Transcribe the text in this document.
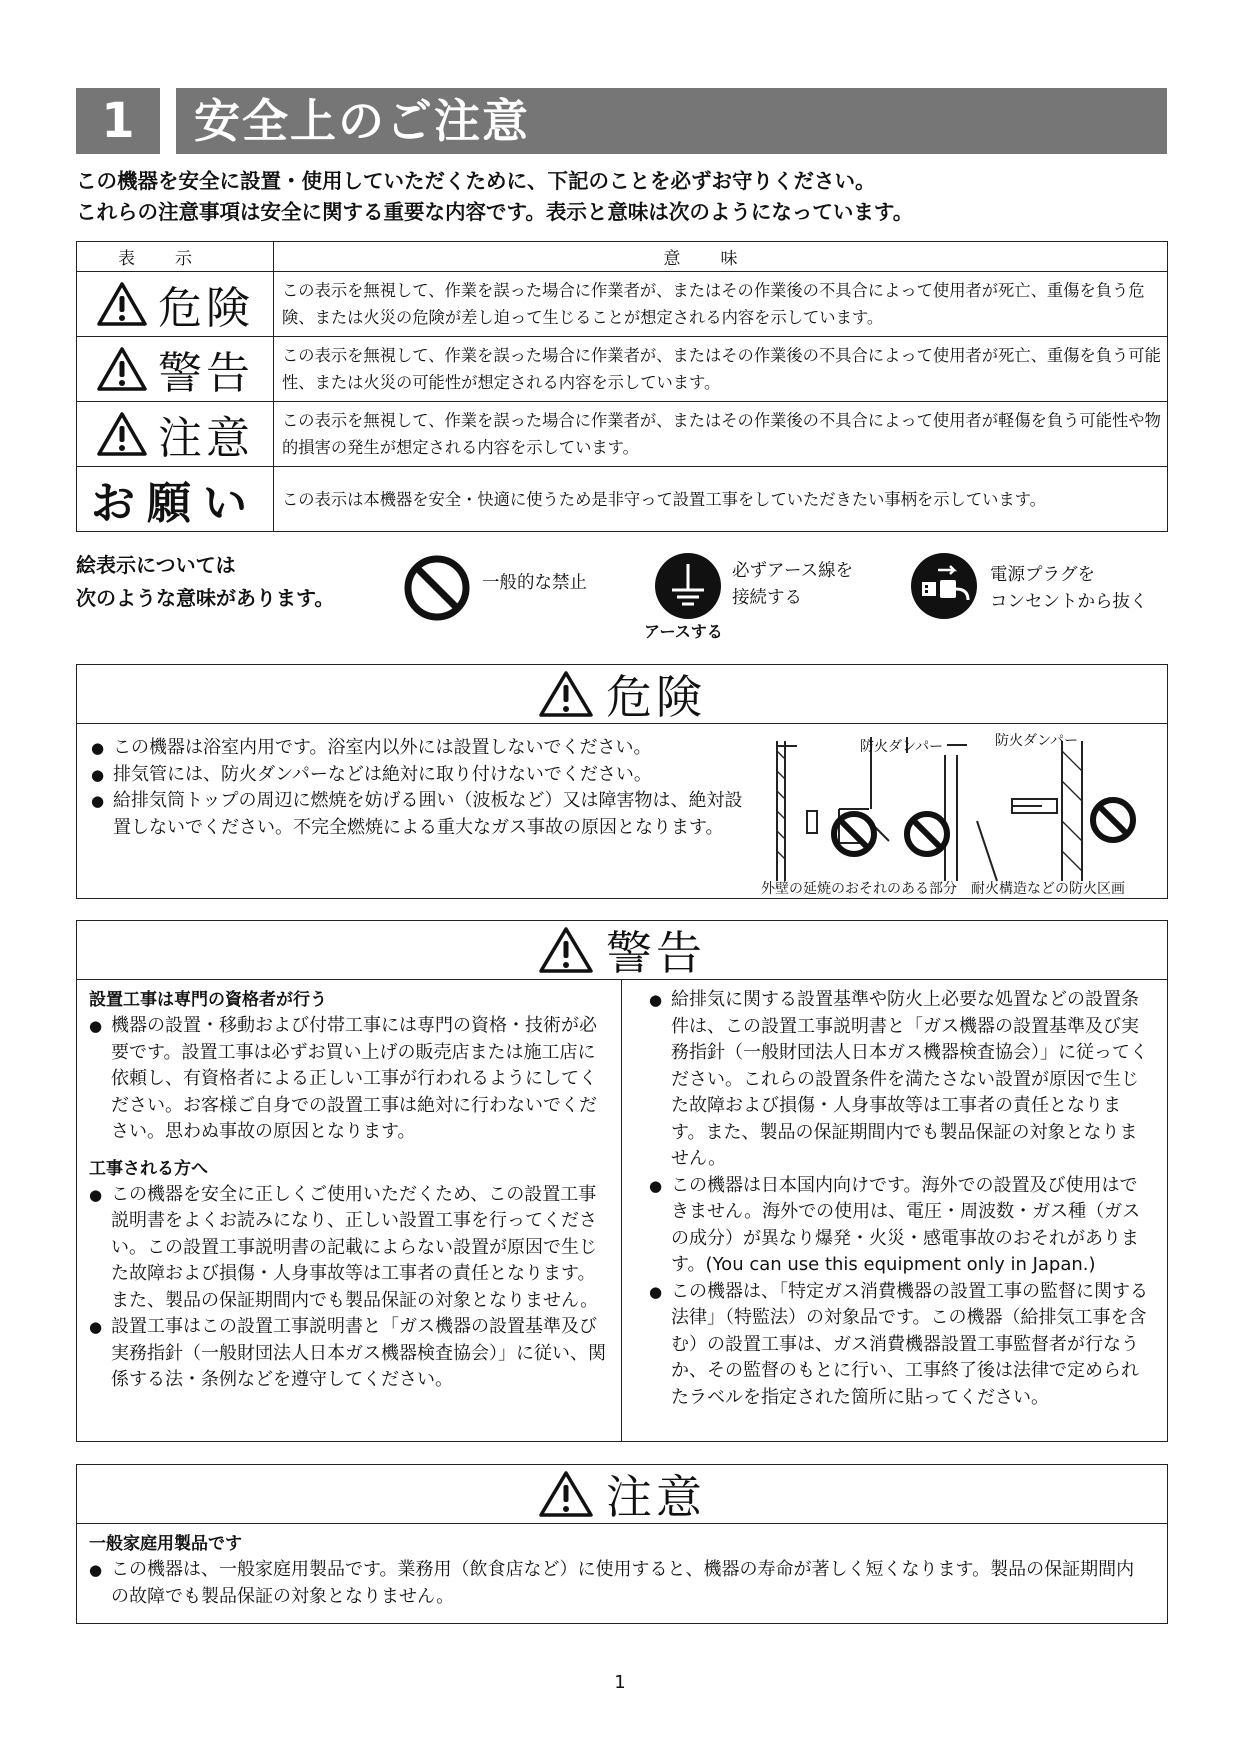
1	安全上のご注意
この機器を安全に設置・使用していただくために、下記のことを必ずお守りください。
これらの注意事項は安全に関する重要な内容です。表示と意味は次のようになっています。
表示	意味

危険	この表示を無視して、作業を誤った場合に作業者が、またはその作業後の不具合によって使用者が死亡、重傷を負う危険、または火災の危険が差し迫って生じることが想定される内容を示しています。

警告	この表示を無視して、作業を誤った場合に作業者が、またはその作業後の不具合によって使用者が死亡、重傷を負う可能性、または火災の可能性が想定される内容を示しています。

注意	この表示を無視して、作業を誤った場合に作業者が、またはその作業後の不具合によって使用者が軽傷を負う可能性や物的損害の発生が想定される内容を示しています。
お願い	この表示は本機器を安全・快適に使うため是非守って設置工事をしていただきたい事柄を示しています。
絵表示については
次のような意味があります。
一般的な禁止
アースする
必ずアース線を
接続する
電源プラグを
コンセントから抜く
危険
● この機器は浴室内用です。浴室内以外には設置しないでください。
● 排気管には、防火ダンパーなどは絶対に取り付けないでください。
● 給排気筒トップの周辺に燃焼を妨げる囲い（波板など）又は障害物は、絶対設置しないでください。不完全燃焼による重大なガス事故の原因となります。
防火ダンパー	防火ダンパー
外壁の延焼のおそれのある部分 耐火構造などの防火区画
警告
設置工事は専門の資格者が行う
● 機器の設置・移動および付帯工事には専門の資格・技術が必要です。設置工事は必ずお買い上げの販売店または施工店に依頼し、有資格者による正しい工事が行われるようにしてください。お客様ご自身での設置工事は絶対に行わないでください。思わぬ事故の原因となります。
工事される方へ
● この機器を安全に正しくご使用いただくため、この設置工事説明書をよくお読みになり、正しい設置工事を行ってください。この設置工事説明書の記載によらない設置が原因で生じた故障および損傷・人身事故等は工事者の責任となります。また、製品の保証期間内でも製品保証の対象となりません。
● 設置工事はこの設置工事説明書と「ガス機器の設置基準及び実務指針（一般財団法人日本ガス機器検査協会）」に従い、関係する法・条例などを遵守してください。
● 給排気に関する設置基準や防火上必要な処置などの設置条件は、この設置工事説明書と「ガス機器の設置基準及び実務指針（一般財団法人日本ガス機器検査協会）」に従ってください。これらの設置条件を満たさない設置が原因で生じた故障および損傷・人身事故等は工事者の責任となります。また、製品の保証期間内でも製品保証の対象となりません。
● この機器は日本国内向けです。海外での設置及び使用はできません。海外での使用は、電圧・周波数・ガス種（ガスの成分）が異なり爆発・火災・感電事故のおそれがあります。(You can use this equipment only in Japan.)
● この機器は、「特定ガス消費機器の設置工事の監督に関する法律」（特監法）の対象品です。この機器（給排気工事を含む）の設置工事は、ガス消費機器設置工事監督者が行なうか、その監督のもとに行い、工事終了後は法律で定められたラベルを指定された箇所に貼ってください。
注意
一般家庭用製品です
● この機器は、一般家庭用製品です。業務用（飲食店など）に使用すると、機器の寿命が著しく短くなります。製品の保証期間内の故障でも製品保証の対象となりません。
1
